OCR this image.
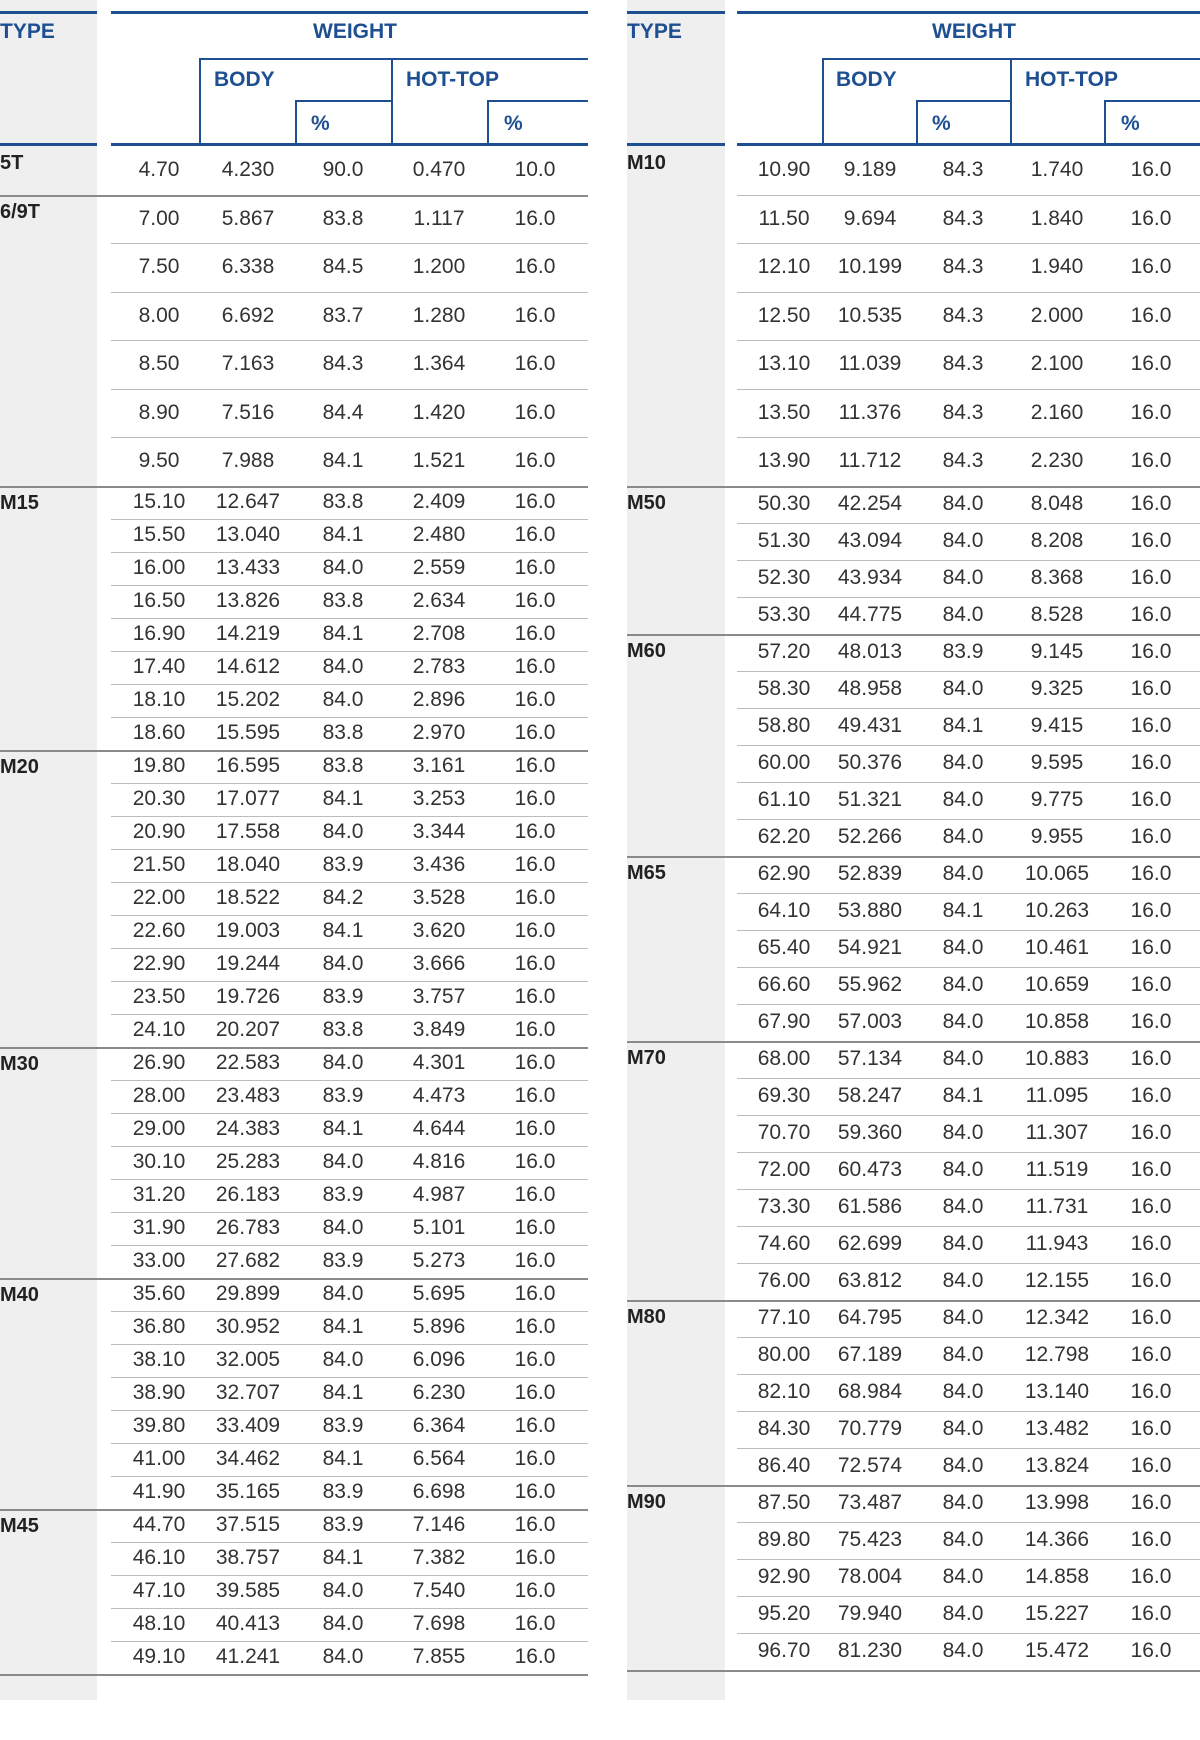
TYPE	WEIGHT
BODY	HOT-TOP
%	%
5T	4.70	4.230	90.0	0.470	10.0
6/9T	7.00	5.867	83.8	1.117	16.0
7.50	6.338	84.5	1.200	16.0
8.00	6.692	83.7	1.280	16.0
8.50	7.163	84.3	1.364	16.0
8.90	7.516	84.4	1.420	16.0
9.50	7.988	84.1	1.521	16.0
M15	15.10	12.647	83.8	2.409	16.0
15.50	13.040	84.1	2.480	16.0
16.00	13.433	84.0	2.559	16.0
16.50	13.826	83.8	2.634	16.0
16.90	14.219	84.1	2.708	16.0
17.40	14.612	84.0	2.783	16.0
18.10	15.202	84.0	2.896	16.0
18.60	15.595	83.8	2.970	16.0
M20	19.80	16.595	83.8	3.161	16.0
20.30	17.077	84.1	3.253	16.0
20.90	17.558	84.0	3.344	16.0
21.50	18.040	83.9	3.436	16.0
22.00	18.522	84.2	3.528	16.0
22.60	19.003	84.1	3.620	16.0
22.90	19.244	84.0	3.666	16.0
23.50	19.726	83.9	3.757	16.0
24.10	20.207	83.8	3.849	16.0
M30	26.90	22.583	84.0	4.301	16.0
28.00	23.483	83.9	4.473	16.0
29.00	24.383	84.1	4.644	16.0
30.10	25.283	84.0	4.816	16.0
31.20	26.183	83.9	4.987	16.0
31.90	26.783	84.0	5.101	16.0
33.00	27.682	83.9	5.273	16.0
M40	35.60	29.899	84.0	5.695	16.0
36.80	30.952	84.1	5.896	16.0
38.10	32.005	84.0	6.096	16.0
38.90	32.707	84.1	6.230	16.0
39.80	33.409	83.9	6.364	16.0
41.00	34.462	84.1	6.564	16.0
41.90	35.165	83.9	6.698	16.0
M45	44.70	37.515	83.9	7.146	16.0
46.10	38.757	84.1	7.382	16.0
47.10	39.585	84.0	7.540	16.0
48.10	40.413	84.0	7.698	16.0
49.10	41.241	84.0	7.855	16.0
TYPE	WEIGHT
BODY	HOT-TOP
%	%
M10	10.90	9.189	84.3	1.740	16.0
11.50	9.694	84.3	1.840	16.0
12.10	10.199	84.3	1.940	16.0
12.50	10.535	84.3	2.000	16.0
13.10	11.039	84.3	2.100	16.0
13.50	11.376	84.3	2.160	16.0
13.90	11.712	84.3	2.230	16.0
M50	50.30	42.254	84.0	8.048	16.0
51.30	43.094	84.0	8.208	16.0
52.30	43.934	84.0	8.368	16.0
53.30	44.775	84.0	8.528	16.0
M60	57.20	48.013	83.9	9.145	16.0
58.30	48.958	84.0	9.325	16.0
58.80	49.431	84.1	9.415	16.0
60.00	50.376	84.0	9.595	16.0
61.10	51.321	84.0	9.775	16.0
62.20	52.266	84.0	9.955	16.0
M65	62.90	52.839	84.0	10.065	16.0
64.10	53.880	84.1	10.263	16.0
65.40	54.921	84.0	10.461	16.0
66.60	55.962	84.0	10.659	16.0
67.90	57.003	84.0	10.858	16.0
M70	68.00	57.134	84.0	10.883	16.0
69.30	58.247	84.1	11.095	16.0
70.70	59.360	84.0	11.307	16.0
72.00	60.473	84.0	11.519	16.0
73.30	61.586	84.0	11.731	16.0
74.60	62.699	84.0	11.943	16.0
76.00	63.812	84.0	12.155	16.0
M80	77.10	64.795	84.0	12.342	16.0
80.00	67.189	84.0	12.798	16.0
82.10	68.984	84.0	13.140	16.0
84.30	70.779	84.0	13.482	16.0
86.40	72.574	84.0	13.824	16.0
M90	87.50	73.487	84.0	13.998	16.0
89.80	75.423	84.0	14.366	16.0
92.90	78.004	84.0	14.858	16.0
95.20	79.940	84.0	15.227	16.0
96.70	81.230	84.0	15.472	16.0
